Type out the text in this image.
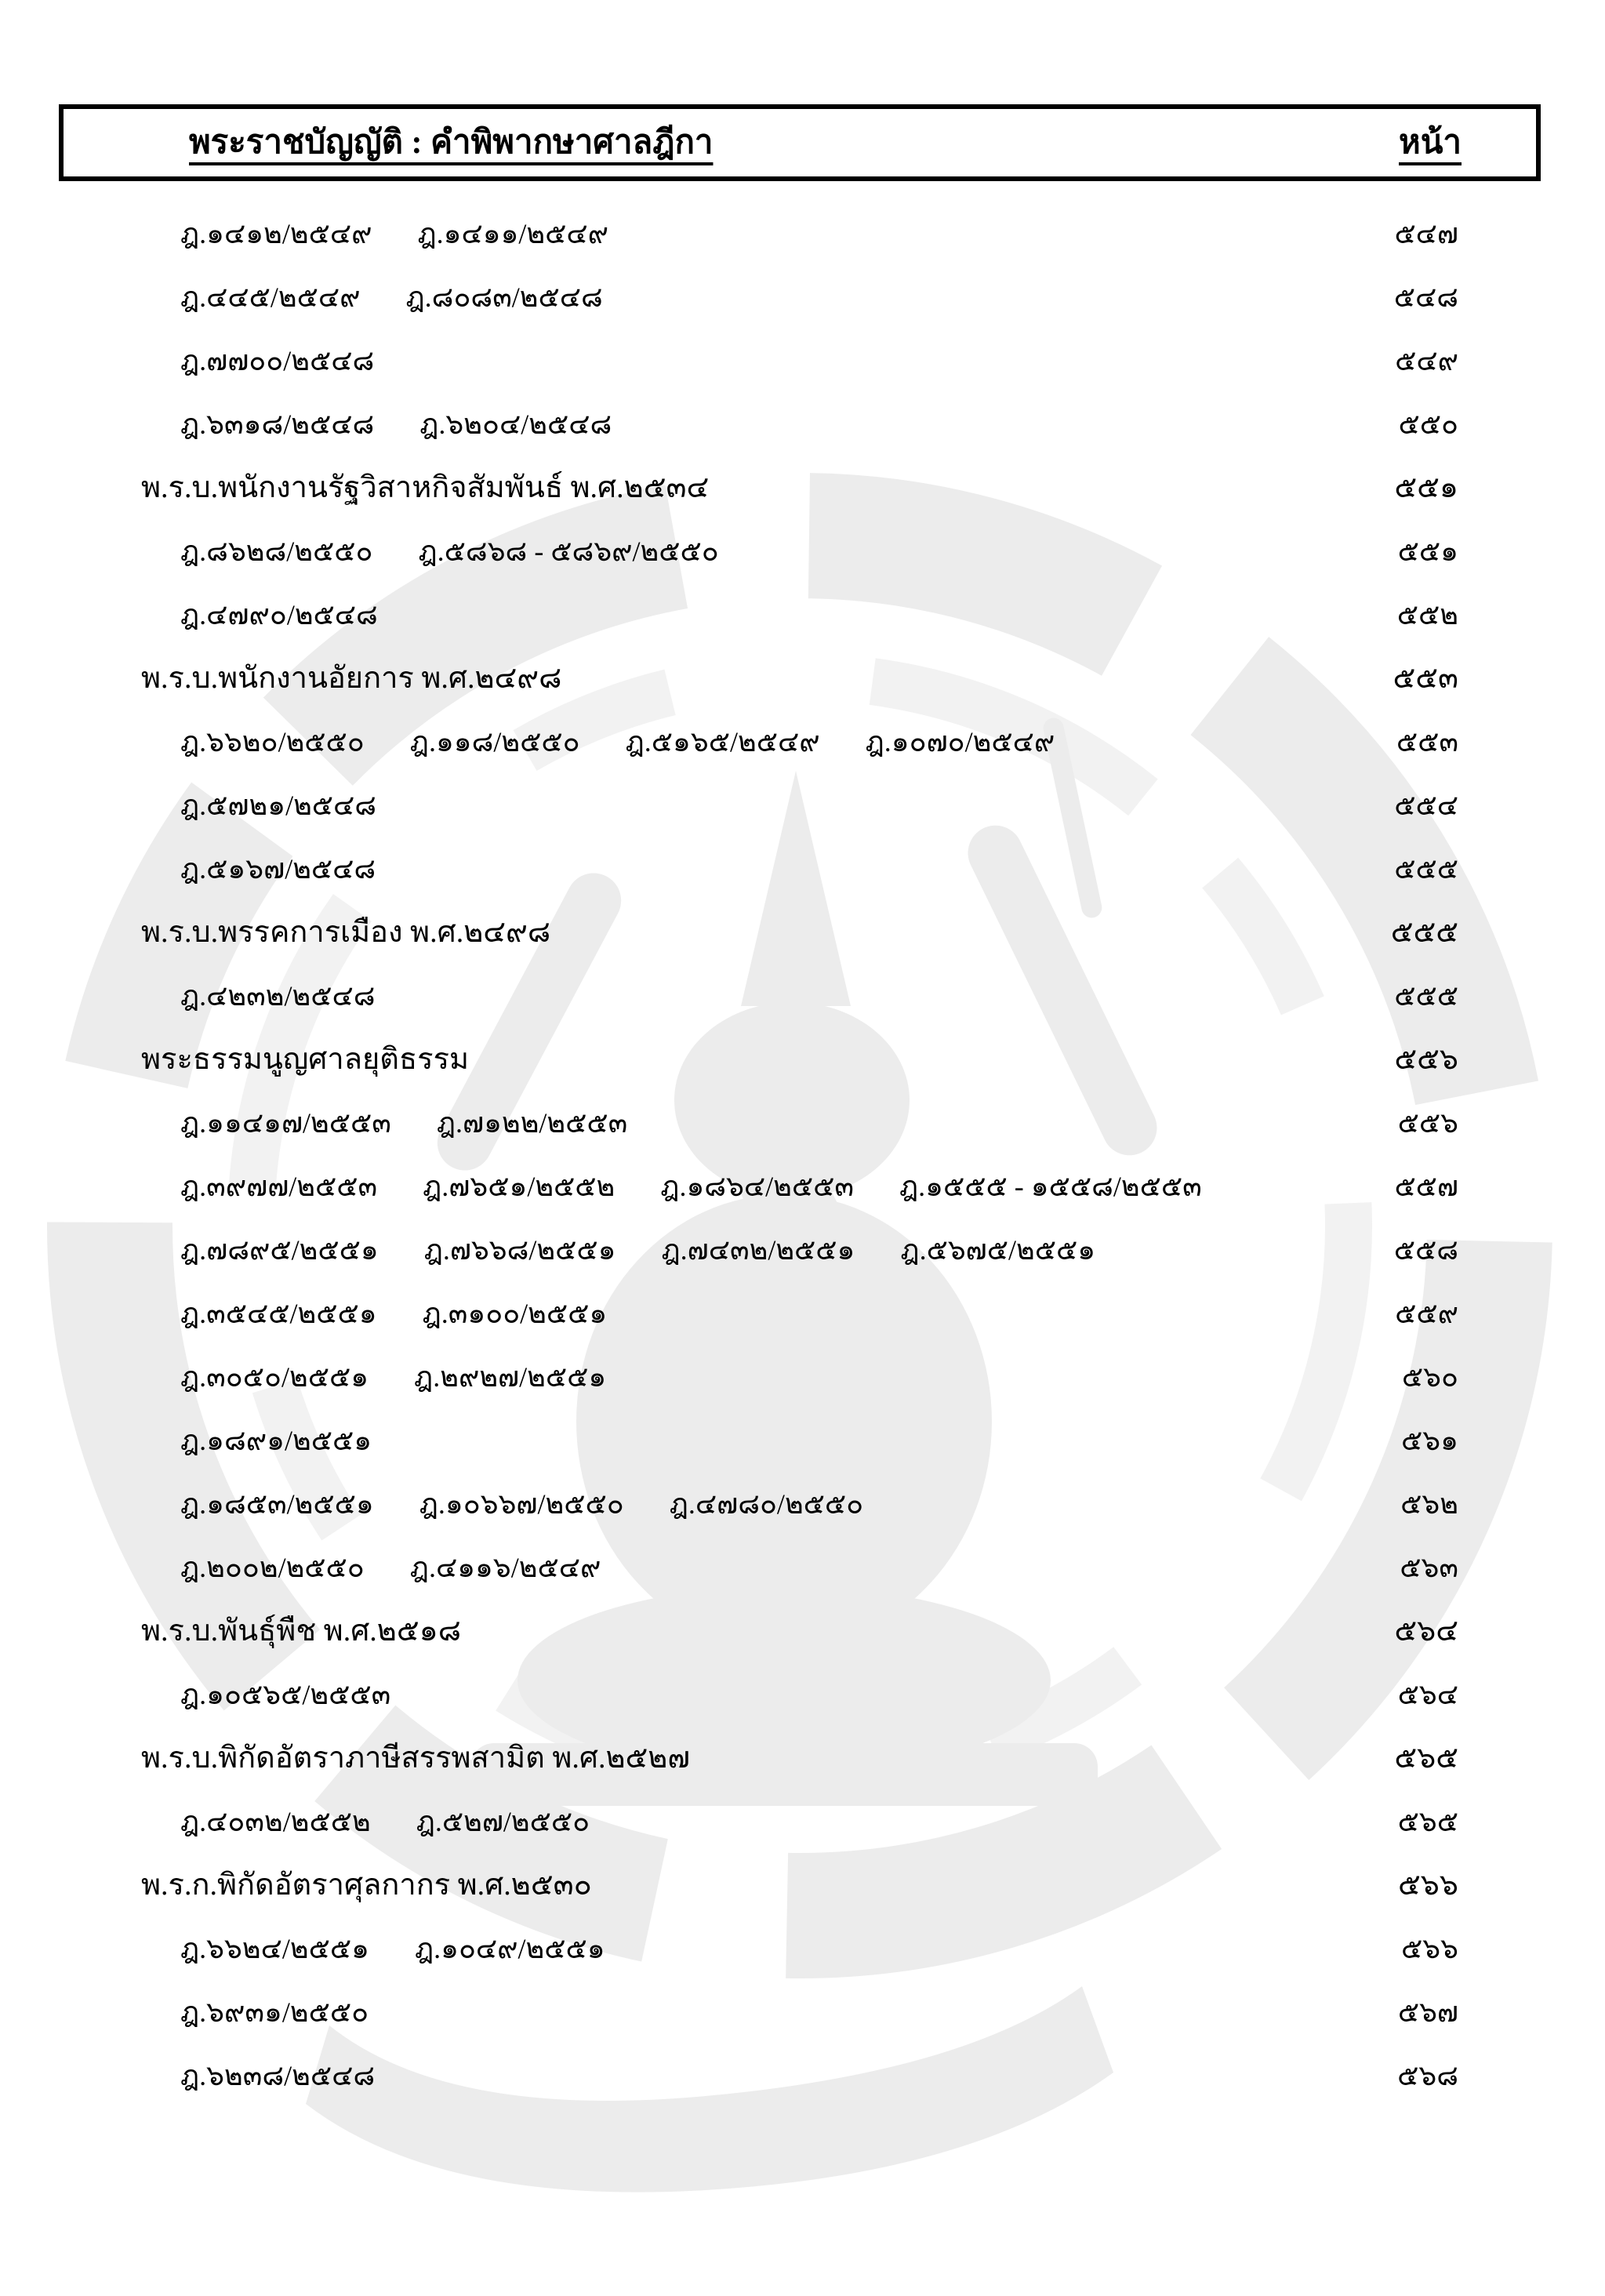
พระราชบัญญัติ : คำพิพากษาศาลฎีกา	หน้า
ฎ.๑๔๑๒/๒๕๔๙ ฎ.๑๔๑๑/๒๕๔๙	๕๔๗
ฎ.๔๔๕/๒๕๔๙ ฎ.๘๐๘๓/๒๕๔๘	๕๔๘
ฎ.๗๗๐๐/๒๕๔๘	๕๔๙
ฎ.๖๓๑๘/๒๕๔๘ ฎ.๖๒๐๔/๒๕๔๘	๕๕๐
พ.ร.บ.พนักงานรัฐวิสาหกิจสัมพันธ์ พ.ศ.๒๕๓๔	๕๕๑
ฎ.๘๖๒๘/๒๕๕๐ ฎ.๕๘๖๘ - ๕๘๖๙/๒๕๕๐	๕๕๑
ฎ.๔๗๙๐/๒๕๔๘	๕๕๒
พ.ร.บ.พนักงานอัยการ พ.ศ.๒๔๙๘	๕๕๓
ฎ.๖๖๒๐/๒๕๕๐ ฎ.๑๑๘/๒๕๕๐ ฎ.๕๑๖๕/๒๕๔๙ ฎ.๑๐๗๐/๒๕๔๙	๕๕๓
ฎ.๕๗๒๑/๒๕๔๘	๕๕๔
ฎ.๕๑๖๗/๒๕๔๘	๕๕๕
พ.ร.บ.พรรคการเมือง พ.ศ.๒๔๙๘	๕๕๕
ฎ.๔๒๓๒/๒๕๔๘	๕๕๕
พระธรรมนูญศาลยุติธรรม	๕๕๖
ฎ.๑๑๔๑๗/๒๕๕๓ ฎ.๗๑๒๒/๒๕๕๓	๕๕๖
ฎ.๓๙๗๗/๒๕๕๓ ฎ.๗๖๕๑/๒๕๕๒ ฎ.๑๘๖๔/๒๕๕๓ ฎ.๑๕๕๕ - ๑๕๕๘/๒๕๕๓	๕๕๗
ฎ.๗๘๙๕/๒๕๕๑ ฎ.๗๖๖๘/๒๕๕๑ ฎ.๗๔๓๒/๒๕๕๑ ฎ.๕๖๗๕/๒๕๕๑	๕๕๘
ฎ.๓๕๔๕/๒๕๕๑ ฎ.๓๑๐๐/๒๕๕๑	๕๕๙
ฎ.๓๐๕๐/๒๕๕๑ ฎ.๒๙๒๗/๒๕๕๑	๕๖๐
ฎ.๑๘๙๑/๒๕๕๑	๕๖๑
ฎ.๑๘๕๓/๒๕๕๑ ฎ.๑๐๖๖๗/๒๕๕๐ ฎ.๔๗๘๐/๒๕๕๐	๕๖๒
ฎ.๒๐๐๒/๒๕๕๐ ฎ.๔๑๑๖/๒๕๔๙	๕๖๓
พ.ร.บ.พันธุ์พืช พ.ศ.๒๕๑๘	๕๖๔
ฎ.๑๐๕๖๕/๒๕๕๓	๕๖๔
พ.ร.บ.พิกัดอัตราภาษีสรรพสามิต พ.ศ.๒๕๒๗	๕๖๕
ฎ.๔๐๓๒/๒๕๕๒ ฎ.๕๒๗/๒๕๕๐	๕๖๕
พ.ร.ก.พิกัดอัตราศุลกากร พ.ศ.๒๕๓๐	๕๖๖
ฎ.๖๖๒๔/๒๕๕๑ ฎ.๑๐๔๙/๒๕๕๑	๕๖๖
ฎ.๖๙๓๑/๒๕๕๐	๕๖๗
ฎ.๖๒๓๘/๒๕๔๘	๕๖๘
